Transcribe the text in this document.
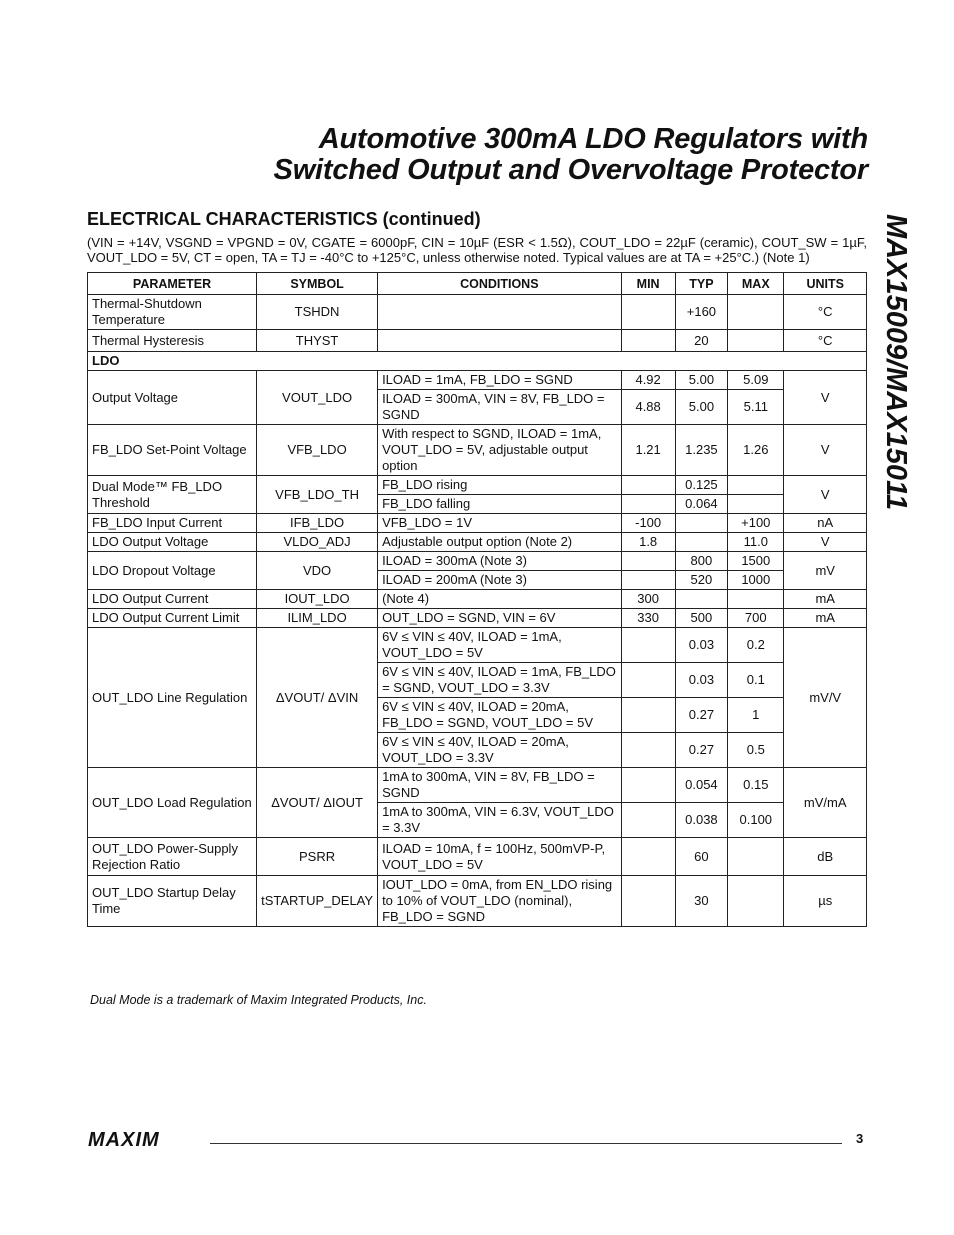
Automotive 300mA LDO Regulators with
Switched Output and Overvoltage Protector
MAX15009/MAX15011
ELECTRICAL CHARACTERISTICS (continued)
(VIN = +14V, VSGND = VPGND = 0V, CGATE = 6000pF, CIN = 10µF (ESR < 1.5Ω), COUT_LDO = 22µF (ceramic), COUT_SW = 1µF, VOUT_LDO = 5V, CT = open, TA = TJ = -40°C to +125°C, unless otherwise noted. Typical values are at TA = +25°C.) (Note 1)
PARAMETER	SYMBOL	CONDITIONS	MIN	TYP	MAX	UNITS
Thermal-Shutdown Temperature	TSHDN			+160		°C
Thermal Hysteresis	THYST			20		°C
LDO						
Output Voltage	VOUT_LDO	ILOAD = 1mA, FB_LDO = SGND	4.92	5.00	5.09	V
		ILOAD = 300mA, VIN = 8V, FB_LDO = SGND	4.88	5.00	5.11	
FB_LDO Set-Point Voltage	VFB_LDO	With respect to SGND, ILOAD = 1mA, VOUT_LDO = 5V, adjustable output option	1.21	1.235	1.26	V
Dual Mode™ FB_LDO Threshold	VFB_LDO_TH	FB_LDO rising		0.125		V
		FB_LDO falling		0.064		
FB_LDO Input Current	IFB_LDO	VFB_LDO = 1V	-100		+100	nA
LDO Output Voltage	VLDO_ADJ	Adjustable output option (Note 2)	1.8		11.0	V
LDO Dropout Voltage	VDO	ILOAD = 300mA (Note 3)		800	1500	mV
		ILOAD = 200mA (Note 3)		520	1000	
LDO Output Current	IOUT_LDO	(Note 4)	300			mA
LDO Output Current Limit	ILIM_LDO	OUT_LDO = SGND, VIN = 6V	330	500	700	mA
OUT_LDO Line Regulation	ΔVOUT/ ΔVIN	6V ≤ VIN ≤ 40V, ILOAD = 1mA, VOUT_LDO = 5V		0.03	0.2	mV/V
		6V ≤ VIN ≤ 40V, ILOAD = 1mA, FB_LDO = SGND, VOUT_LDO = 3.3V		0.03	0.1	
		6V ≤ VIN ≤ 40V, ILOAD = 20mA, FB_LDO = SGND, VOUT_LDO = 5V		0.27	1	
		6V ≤ VIN ≤ 40V, ILOAD = 20mA, VOUT_LDO = 3.3V		0.27	0.5	
OUT_LDO Load Regulation	ΔVOUT/ ΔIOUT	1mA to 300mA, VIN = 8V, FB_LDO = SGND		0.054	0.15	mV/mA
		1mA to 300mA, VIN = 6.3V, VOUT_LDO = 3.3V		0.038	0.100	
OUT_LDO Power-Supply Rejection Ratio	PSRR	ILOAD = 10mA, f = 100Hz, 500mVP-P, VOUT_LDO = 5V		60		dB
OUT_LDO Startup Delay Time	tSTARTUP_DELAY	IOUT_LDO = 0mA, from EN_LDO rising to 10% of VOUT_LDO (nominal), FB_LDO = SGND		30		µs
Dual Mode is a trademark of Maxim Integrated Products, Inc.
MAXIM	3
